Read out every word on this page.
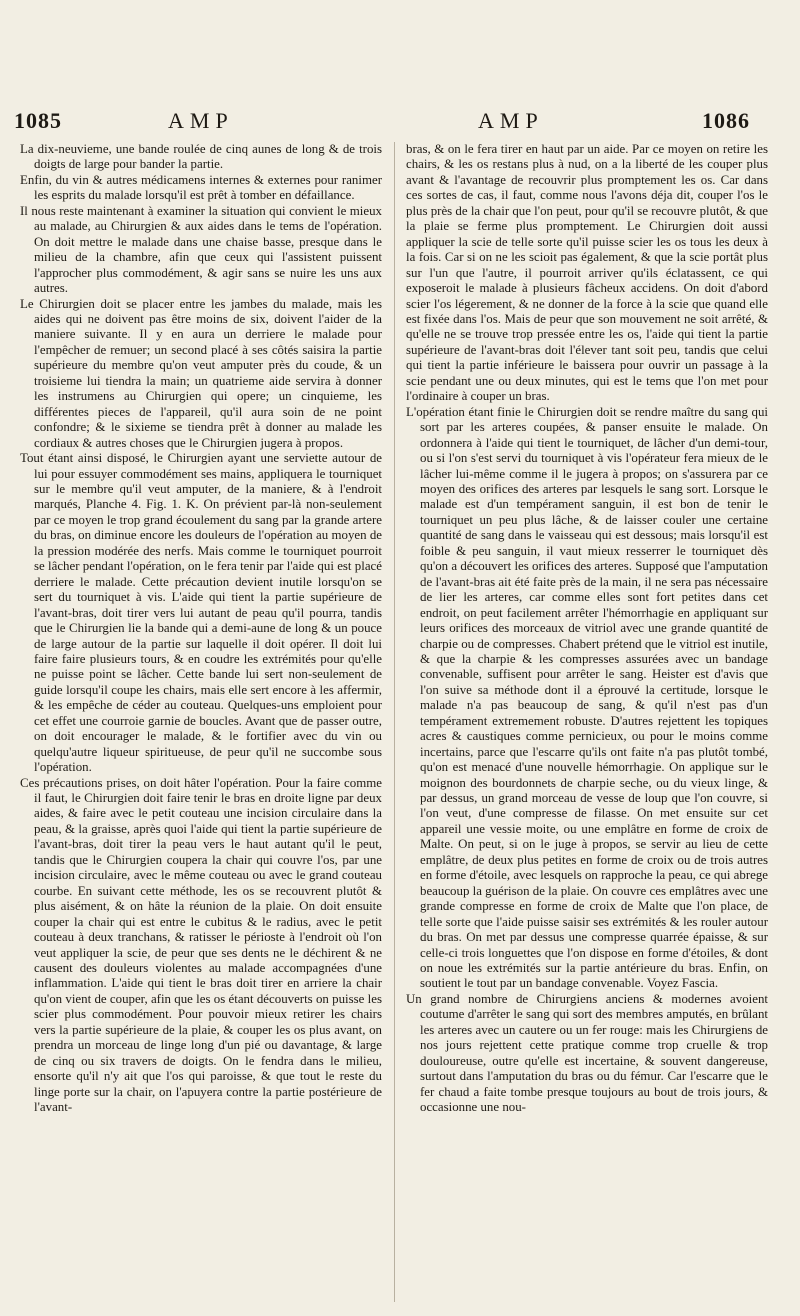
1085	AMP	AMP	1086

La dix-neuvieme, une bande roulée de cinq aunes de long & de trois doigts de large pour bander la partie.

Enfin, du vin & autres médicamens internes & externes pour ranimer les esprits du malade lorsqu'il est prêt à tomber en défaillance.

Il nous reste maintenant à examiner la situation qui convient le mieux au malade, au Chirurgien & aux aides dans le tems de l'opération. On doit mettre le malade dans une chaise basse, presque dans le milieu de la chambre, afin que ceux qui l'assistent puissent l'approcher plus commodément, & agir sans se nuire les uns aux autres.

Le Chirurgien doit se placer entre les jambes du malade, mais les aides qui ne doivent pas être moins de six, doivent l'aider de la maniere suivante. Il y en aura un derriere le malade pour l'empêcher de remuer; un second placé à ses côtés saisira la partie supérieure du membre qu'on veut amputer près du coude, & un troisieme lui tiendra la main; un quatrieme aide servira à donner les instrumens au Chirurgien qui opere; un cinquieme, les différentes pieces de l'appareil, qu'il aura soin de ne point confondre; & le sixieme se tiendra prêt à donner au malade les cordiaux & autres choses que le Chirurgien jugera à propos.

Tout étant ainsi disposé, le Chirurgien ayant une serviette autour de lui pour essuyer commodément ses mains, appliquera le tourniquet sur le membre qu'il veut amputer, de la maniere, & à l'endroit marqués, Planche 4. Fig. 1. K. On prévient par-là non-seulement par ce moyen le trop grand écoulement du sang par la grande artere du bras, on diminue encore les douleurs de l'opération au moyen de la pression modérée des nerfs. Mais comme le tourniquet pourroit se lâcher pendant l'opération, on le fera tenir par l'aide qui est placé derriere le malade. Cette précaution devient inutile lorsqu'on se sert du tourniquet à vis. L'aide qui tient la partie supérieure de l'avant-bras, doit tirer vers lui autant de peau qu'il pourra, tandis que le Chirurgien lie la bande qui a demi-aune de long & un pouce de large autour de la partie sur laquelle il doit opérer. Il doit lui faire faire plusieurs tours, & en coudre les extrémités pour qu'elle ne puisse point se lâcher. Cette bande lui sert non-seulement de guide lorsqu'il coupe les chairs, mais elle sert encore à les affermir, & les empêche de céder au couteau. Quelques-uns emploient pour cet effet une courroie garnie de boucles. Avant que de passer outre, on doit encourager le malade, & le fortifier avec du vin ou quelqu'autre liqueur spiritueuse, de peur qu'il ne succombe sous l'opération.

Ces précautions prises, on doit hâter l'opération. Pour la faire comme il faut, le Chirurgien doit faire tenir le bras en droite ligne par deux aides, & faire avec le petit couteau une incision circulaire dans la peau, & la graisse, après quoi l'aide qui tient la partie supérieure de l'avant-bras, doit tirer la peau vers le haut autant qu'il le peut, tandis que le Chirurgien coupera la chair qui couvre l'os, par une incision circulaire, avec le même couteau ou avec le grand couteau courbe. En suivant cette méthode, les os se recouvrent plutôt & plus aisément, & on hâte la réunion de la plaie. On doit ensuite couper la chair qui est entre le cubitus & le radius, avec le petit couteau à deux tranchans, & ratisser le périoste à l'endroit où l'on veut appliquer la scie, de peur que ses dents ne le déchirent & ne causent des douleurs violentes au malade accompagnées d'une inflammation. L'aide qui tient le bras doit tirer en arriere la chair qu'on vient de couper, afin que les os étant découverts on puisse les scier plus commodément. Pour pouvoir mieux retirer les chairs vers la partie supérieure de la plaie, & couper les os plus avant, on prendra un morceau de linge long d'un pié ou davantage, & large de cinq ou six travers de doigts. On le fendra dans le milieu, ensorte qu'il n'y ait que l'os qui paroisse, & que tout le reste du linge porte sur la chair, on l'apuyera contre la partie postérieure de l'avant-

bras, & on le fera tirer en haut par un aide. Par ce moyen on retire les chairs, & les os restans plus à nud, on a la liberté de les couper plus avant & l'avantage de recouvrir plus promptement les os. Car dans ces sortes de cas, il faut, comme nous l'avons déja dit, couper l'os le plus près de la chair que l'on peut, pour qu'il se recouvre plutôt, & que la plaie se ferme plus promptement. Le Chirurgien doit aussi appliquer la scie de telle sorte qu'il puisse scier les os tous les deux à la fois. Car si on ne les scioit pas également, & que la scie portât plus sur l'un que l'autre, il pourroit arriver qu'ils éclatassent, ce qui exposeroit le malade à plusieurs fâcheux accidens. On doit d'abord scier l'os légerement, & ne donner de la force à la scie que quand elle est fixée dans l'os. Mais de peur que son mouvement ne soit arrêté, & qu'elle ne se trouve trop pressée entre les os, l'aide qui tient la partie supérieure de l'avant-bras doit l'élever tant soit peu, tandis que celui qui tient la partie inférieure le baissera pour ouvrir un passage à la scie pendant une ou deux minutes, qui est le tems que l'on met pour l'ordinaire à couper un bras.

L'opération étant finie le Chirurgien doit se rendre maître du sang qui sort par les arteres coupées, & panser ensuite le malade. On ordonnera à l'aide qui tient le tourniquet, de lâcher d'un demi-tour, ou si l'on s'est servi du tourniquet à vis l'opérateur fera mieux de le lâcher lui-même comme il le jugera à propos; on s'assurera par ce moyen des orifices des arteres par lesquels le sang sort. Lorsque le malade est d'un tempérament sanguin, il est bon de tenir le tourniquet un peu plus lâche, & de laisser couler une certaine quantité de sang dans le vaisseau qui est dessous; mais lorsqu'il est foible & peu sanguin, il vaut mieux resserrer le tourniquet dès qu'on a découvert les orifices des arteres. Supposé que l'amputation de l'avant-bras ait été faite près de la main, il ne sera pas nécessaire de lier les arteres, car comme elles sont fort petites dans cet endroit, on peut facilement arrêter l'hémorrhagie en appliquant sur leurs orifices des morceaux de vitriol avec une grande quantité de charpie ou de compresses. Chabert prétend que le vitriol est inutile, & que la charpie & les compresses assurées avec un bandage convenable, suffisent pour arrêter le sang. Heister est d'avis que l'on suive sa méthode dont il a éprouvé la certitude, lorsque le malade n'a pas beaucoup de sang, & qu'il n'est pas d'un tempérament extremement robuste. D'autres rejettent les topiques acres & caustiques comme pernicieux, ou pour le moins comme incertains, parce que l'escarre qu'ils ont faite n'a pas plutôt tombé, qu'on est menacé d'une nouvelle hémorrhagie. On applique sur le moignon des bourdonnets de charpie seche, ou du vieux linge, & par dessus, un grand morceau de vesse de loup que l'on couvre, si l'on veut, d'une compresse de filasse. On met ensuite sur cet appareil une vessie moite, ou une emplâtre en forme de croix de Malte. On peut, si on le juge à propos, se servir au lieu de cette emplâtre, de deux plus petites en forme de croix ou de trois autres en forme d'étoile, avec lesquels on rapproche la peau, ce qui abrege beaucoup la guérison de la plaie. On couvre ces emplâtres avec une grande compresse en forme de croix de Malte que l'on place, de telle sorte que l'aide puisse saisir ses extrémités & les rouler autour du bras. On met par dessus une compresse quarrée épaisse, & sur celle-ci trois longuettes que l'on dispose en forme d'étoiles, & dont on noue les extrémités sur la partie antérieure du bras. Enfin, on soutient le tout par un bandage convenable. Voyez Fascia.

Un grand nombre de Chirurgiens anciens & modernes avoient coutume d'arrêter le sang qui sort des membres amputés, en brûlant les arteres avec un cautere ou un fer rouge: mais les Chirurgiens de nos jours rejettent cette pratique comme trop cruelle & trop douloureuse, outre qu'elle est incertaine, & souvent dangereuse, surtout dans l'amputation du bras ou du fémur. Car l'escarre que le fer chaud a faite tombe presque toujours au bout de trois jours, & occasionne une nou-
